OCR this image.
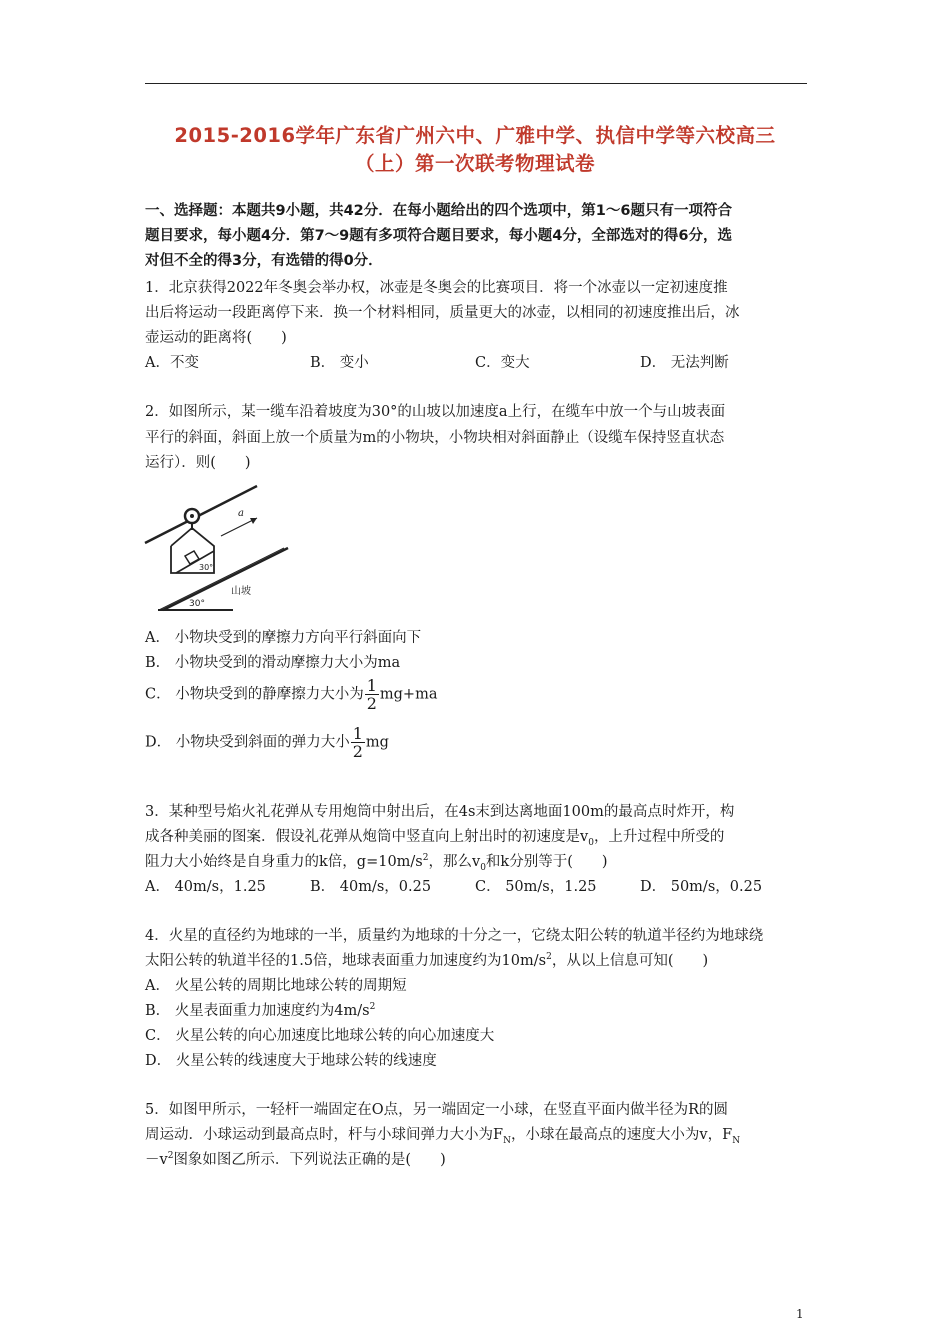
2015-2016学年广东省广州六中、广雅中学、执信中学等六校高三
（上）第一次联考物理试卷
一、选择题：本题共9小题，共42分．在每小题给出的四个选项中，第1～6题只有一项符合
题目要求，每小题4分．第7～9题有多项符合题目要求，每小题4分，全部选对的得6分，选
对但不全的得3分，有选错的得0分．
1．北京获得2022年冬奥会举办权，冰壶是冬奥会的比赛项目．将一个冰壶以一定初速度推
出后将运动一段距离停下来．换一个材料相同，质量更大的冰壶，以相同的初速度推出后，冰
壶运动的距离将(　　)
A．不变	B． 变小	C．变大	D． 无法判断
2．如图所示，某一缆车沿着坡度为30°的山坡以加速度a上行，在缆车中放一个与山坡表面
平行的斜面，斜面上放一个质量为m的小物块，小物块相对斜面静止（设缆车保持竖直状态
运行）．则(　　)
30°
a
30°
山坡
A． 小物块受到的摩擦力方向平行斜面向下
B． 小物块受到的滑动摩擦力大小为ma
C． 小物块受到的静摩擦力大小为 $\frac{1}{2} mg+ma$
D． 小物块受到斜面的弹力大小 $\frac{1}{2}$ mg
3．某种型号焰火礼花弹从专用炮筒中射出后，在4s末到达离地面100m的最高点时炸开，构
成各种美丽的图案．假设礼花弹从炮筒中竖直向上射出时的初速度是$v_0$，上升过程中所受的
阻力大小始终是自身重力的k倍，$g=10m/s^2$，那么$v_0$和k分别等于(　　)
A． 40m/s，1.25	B． 40m/s，0.25	C． 50m/s，1.25	D． 50m/s，0.25
4．火星的直径约为地球的一半，质量约为地球的十分之一，它绕太阳公转的轨道半径约为地球绕
太阳公转的轨道半径的1.5倍，地球表面重力加速度约为$10m/s^2$，从以上信息可知(　　)
A． 火星公转的周期比地球公转的周期短
B． 火星表面重力加速度约为$4m/s^2$
C． 火星公转的向心加速度比地球公转的向心加速度大
D． 火星公转的线速度大于地球公转的线速度
5．如图甲所示，一轻杆一端固定在O点，另一端固定一小球，在竖直平面内做半径为R的圆
周运动．小球运动到最高点时，杆与小球间弹力大小为$F_N$，小球在最高点的速度大小为v，$F_N$
$-v^2$图象如图乙所示．下列说法正确的是(　　)
1
